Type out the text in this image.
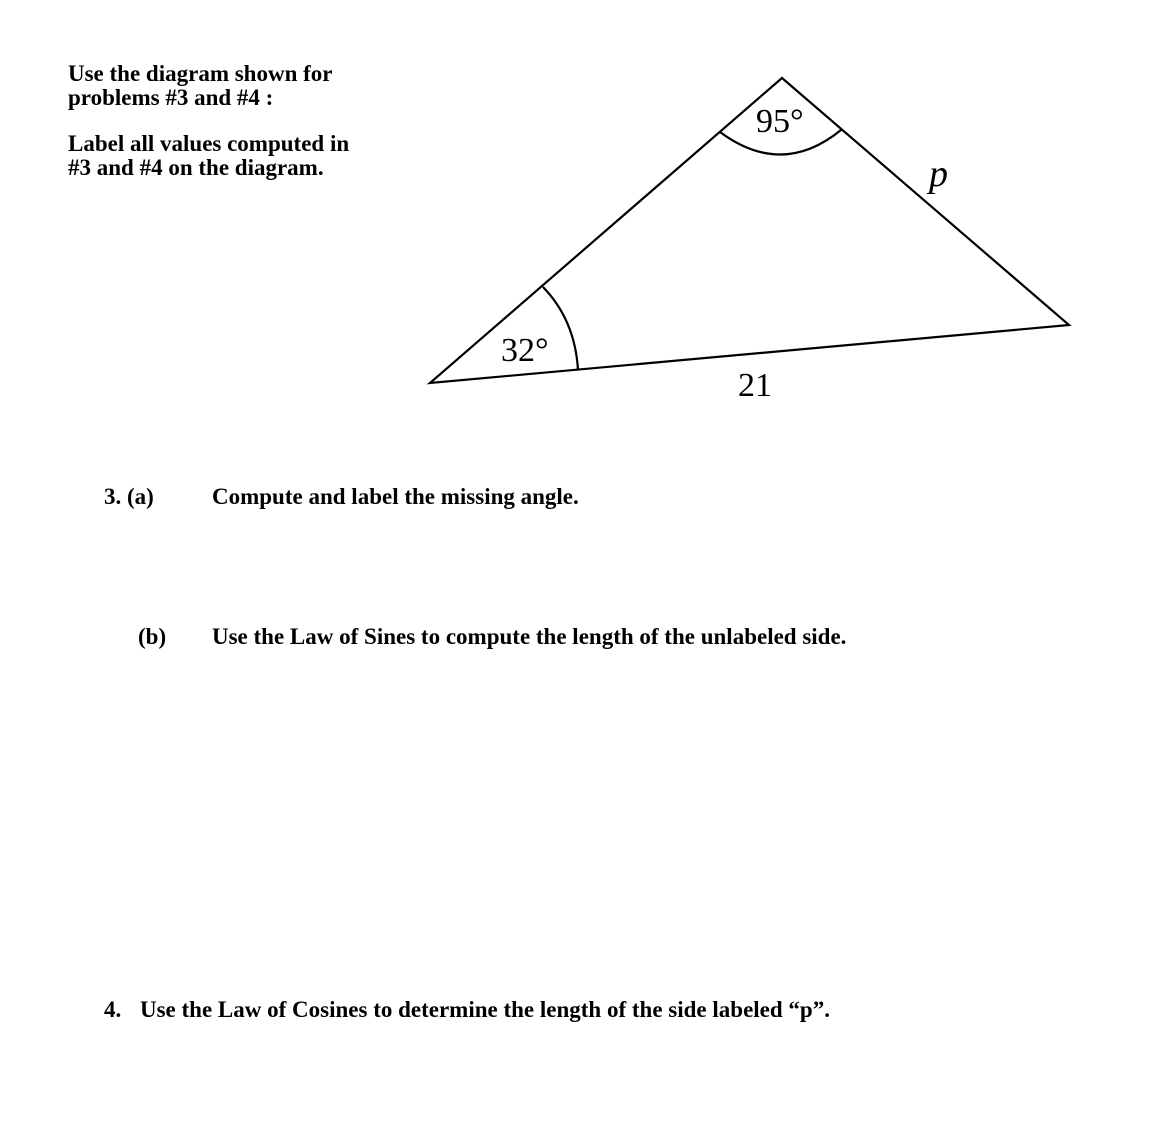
Use the diagram shown for
problems #3 and #4 :
Label all values computed in
#3 and #4 on the diagram.
95°
32°
21
p
3. (a)	Compute and label the missing angle.
(b) Use the Law of Sines to compute the length of the unlabeled side.
4. Use the Law of Cosines to determine the length of the side labeled “p”.
